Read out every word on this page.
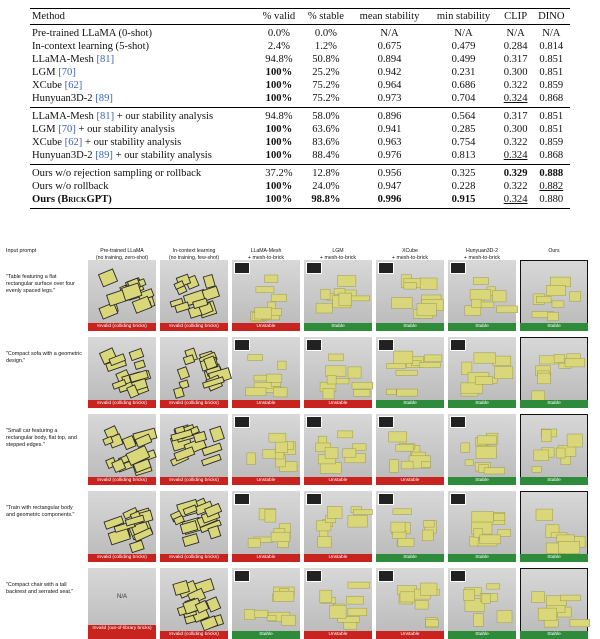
Method	% valid	% stable	mean stability	min stability	CLIP	DINO
Pre-trained LLaMA (0-shot)	0.0%	0.0%	N/A	N/A	N/A	N/A
In-context learning (5-shot)	2.4%	1.2%	0.675	0.479	0.284	0.814
LLaMA-Mesh [81]	94.8%	50.8%	0.894	0.499	0.317	0.851
LGM [70]	100%	25.2%	0.942	0.231	0.300	0.851
XCube [62]	100%	75.2%	0.964	0.686	0.322	0.859
Hunyuan3D-2 [89]	100%	75.2%	0.973	0.704	0.324	0.868
LLaMA-Mesh [81] + our stability analysis	94.8%	58.0%	0.896	0.564	0.317	0.851
LGM [70] + our stability analysis	100%	63.6%	0.941	0.285	0.300	0.851
XCube [62] + our stability analysis	100%	83.6%	0.963	0.754	0.322	0.859
Hunyuan3D-2 [89] + our stability analysis	100%	88.4%	0.976	0.813	0.324	0.868
Ours w/o rejection sampling or rollback	37.2%	12.8%	0.956	0.325	0.329	0.888
Ours w/o rollback	100%	24.0%	0.947	0.228	0.322	0.882
Ours (BrickGPT)	100%	98.8%	0.996	0.915	0.324	0.880
Input prompt	Pre-trained LLaMA
(no training, zero-shot)
In-context learning
(no training, few-shot)
LLaMA-Mesh
+ mesh-to-brick
LGM
+ mesh-to-brick
XCube
+ mesh-to-brick
Hunyuan3D-2
+ mesh-to-brick
Ours
"Table featuring a flat rectangular surface over four evenly spaced legs."
Invalid (colliding bricks)	Invalid (colliding bricks)	Unstable	Stable	Stable	Stable	Stable
"Compact sofa with a geometric design."
Invalid (colliding bricks)	Invalid (colliding bricks)	Unstable	Unstable	Stable	Stable	Stable
"Small car featuring a rectangular body, flat top, and stepped edges."
Invalid (colliding bricks)	Invalid (colliding bricks)	Unstable	Unstable	Unstable	Stable	Stable
"Train with rectangular body and geometric components."
Invalid (colliding bricks)	Invalid (colliding bricks)	Unstable	Unstable	Stable	Stable	Stable
"Compact chair with a tall backrest and serrated seat."
N/A
Invalid (out-of-library bricks)
Invalid (colliding bricks)	Stable	Unstable	Unstable	Stable	Stable
